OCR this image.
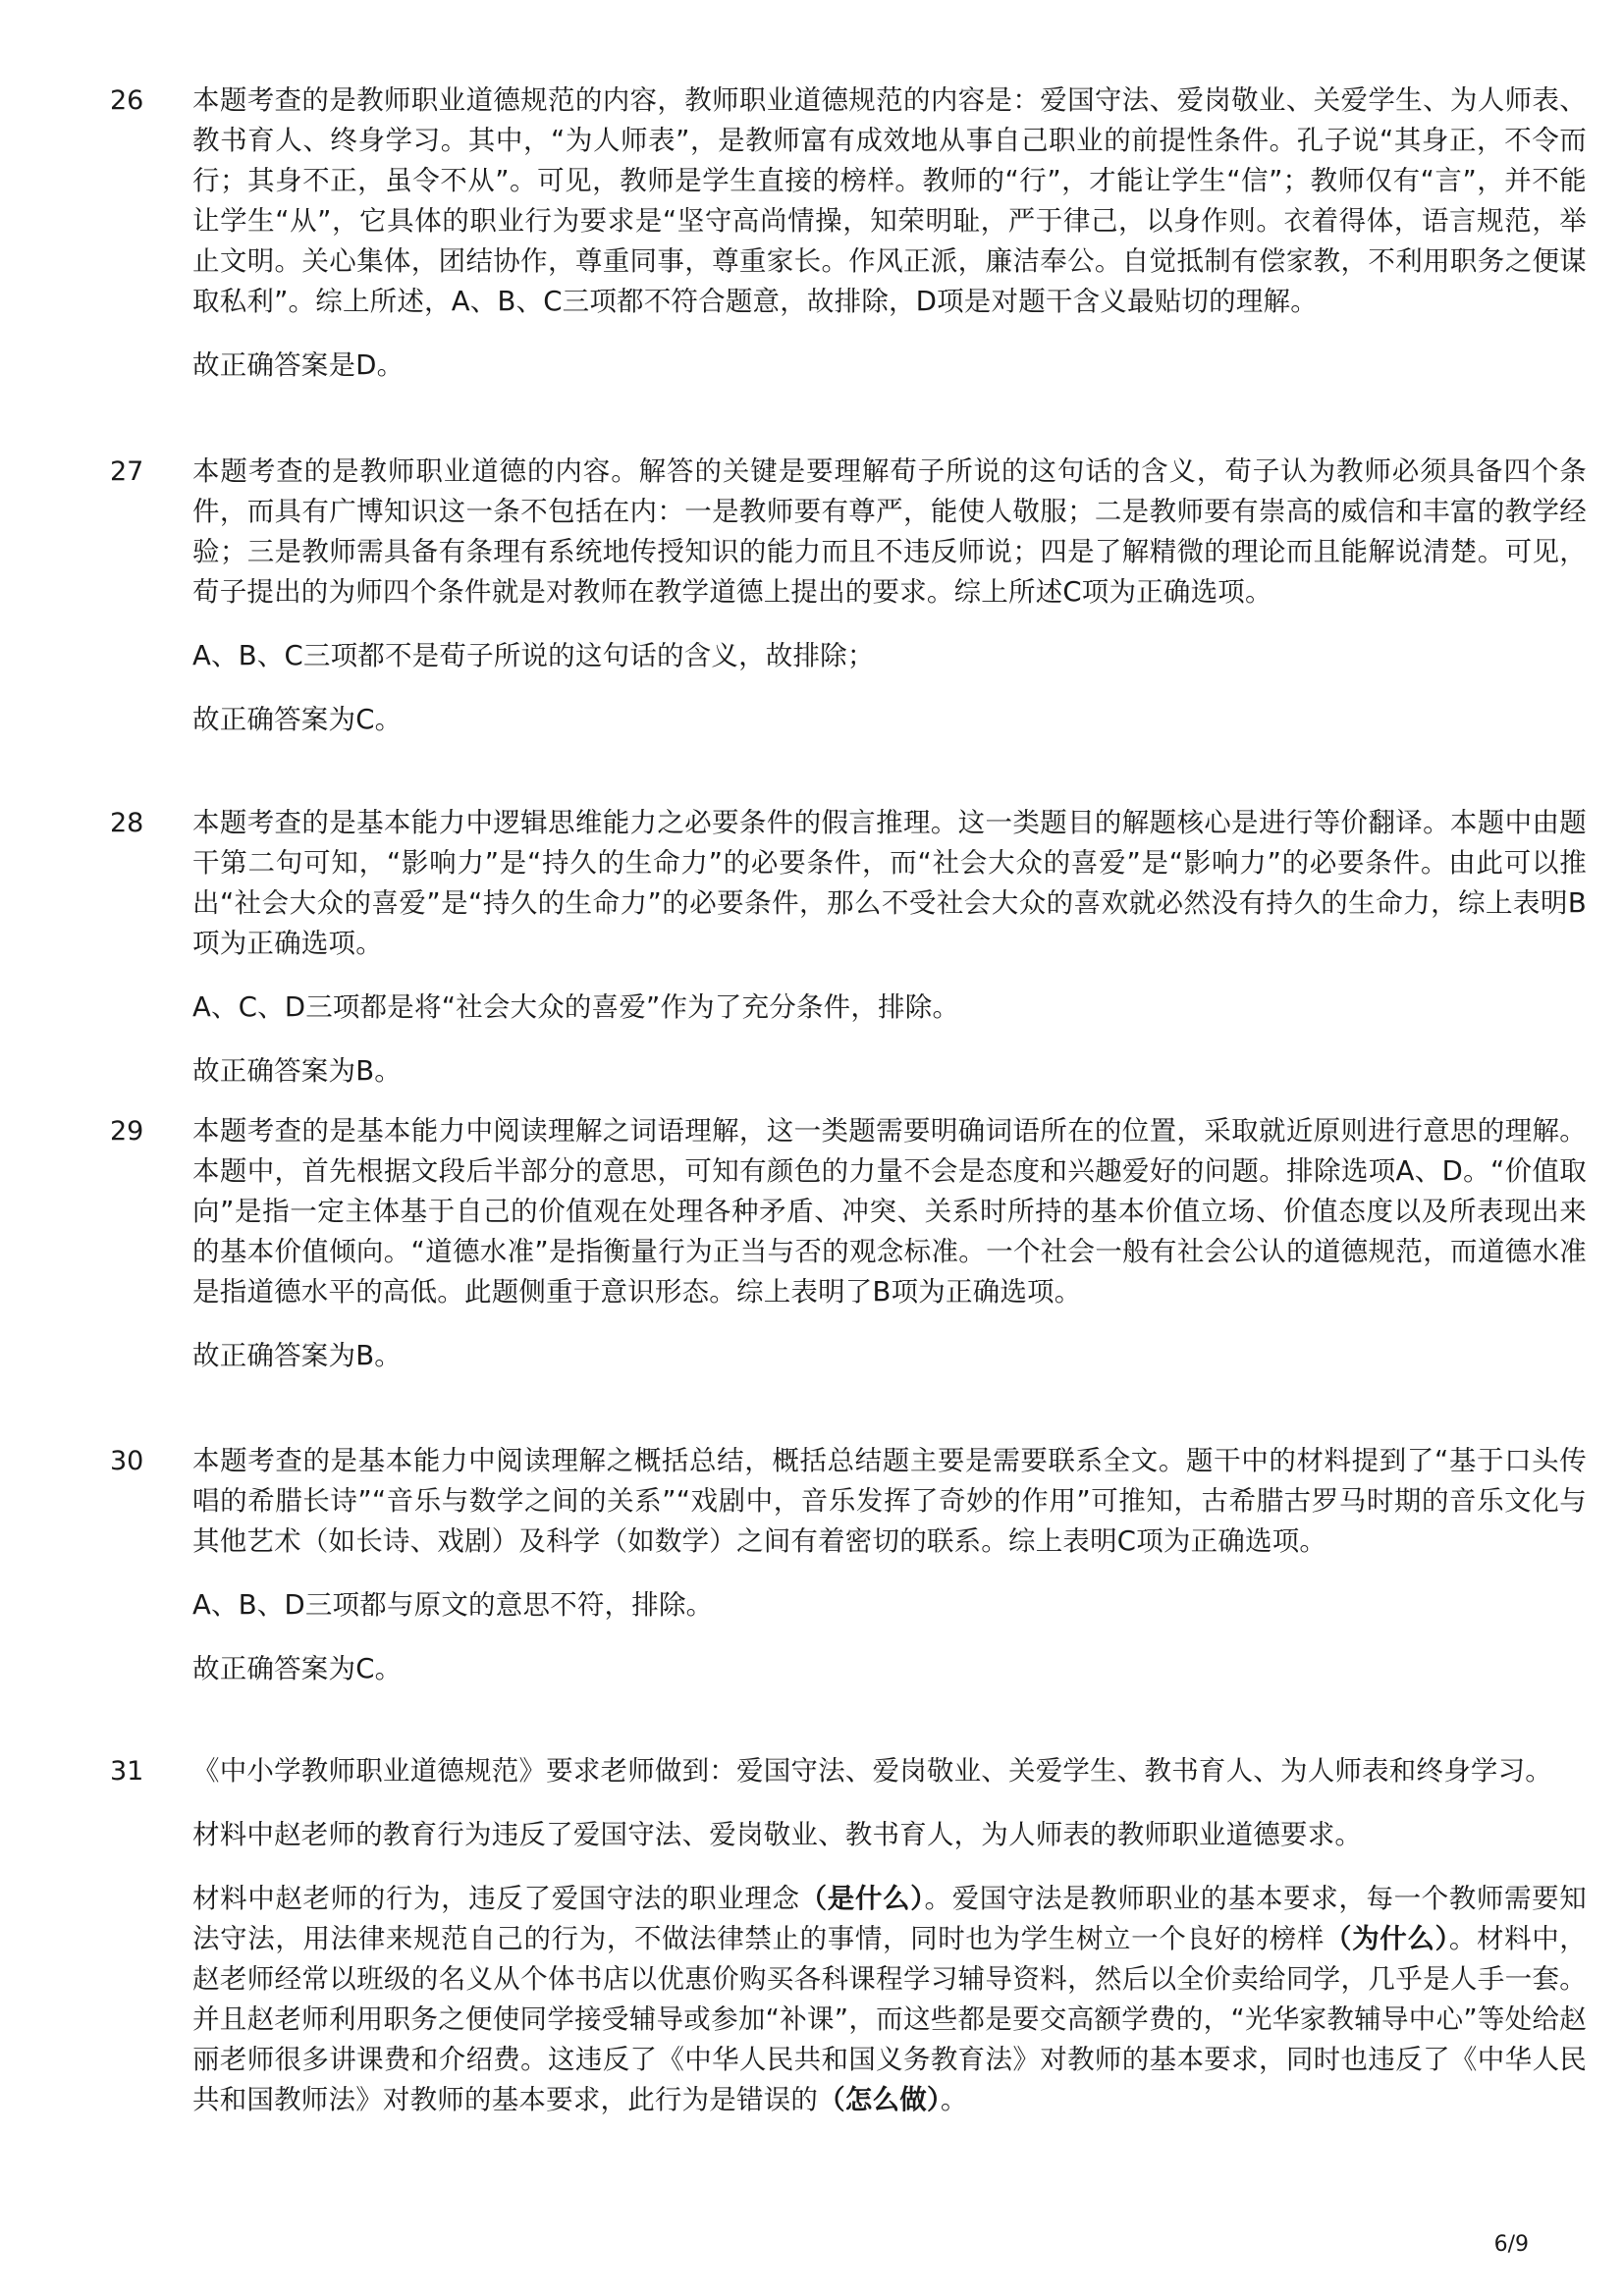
26	本题考查的是教师职业道德规范的内容，教师职业道德规范的内容是：爱国守法、爱岗敬业、关爱学生、为人师表、教书育人、终身学习。其中，“为人师表”，是教师富有成效地从事自己职业的前提性条件。孔子说“其身正，不令而行；其身不正，虽令不从”。可见，教师是学生直接的榜样。教师的“行”，才能让学生“信”；教师仅有“言”，并不能让学生“从”，它具体的职业行为要求是“坚守高尚情操，知荣明耻，严于律己，以身作则。衣着得体，语言规范，举止文明。关心集体，团结协作，尊重同事，尊重家长。作风正派，廉洁奉公。自觉抵制有偿家教，不利用职务之便谋取私利”。综上所述，A、B、C三项都不符合题意，故排除，D项是对题干含义最贴切的理解。

故正确答案是D。

27	本题考查的是教师职业道德的内容。解答的关键是要理解荀子所说的这句话的含义，荀子认为教师必须具备四个条件，而具有广博知识这一条不包括在内：一是教师要有尊严，能使人敬服；二是教师要有崇高的威信和丰富的教学经验；三是教师需具备有条理有系统地传授知识的能力而且不违反师说；四是了解精微的理论而且能解说清楚。可见，荀子提出的为师四个条件就是对教师在教学道德上提出的要求。综上所述C项为正确选项。

A、B、C三项都不是荀子所说的这句话的含义，故排除；

故正确答案为C。

28	本题考查的是基本能力中逻辑思维能力之必要条件的假言推理。这一类题目的解题核心是进行等价翻译。本题中由题干第二句可知，“影响力”是“持久的生命力”的必要条件，而“社会大众的喜爱”是“影响力”的必要条件。由此可以推出“社会大众的喜爱”是“持久的生命力”的必要条件，那么不受社会大众的喜欢就必然没有持久的生命力，综上表明B项为正确选项。

A、C、D三项都是将“社会大众的喜爱”作为了充分条件，排除。

故正确答案为B。

29	本题考查的是基本能力中阅读理解之词语理解，这一类题需要明确词语所在的位置，采取就近原则进行意思的理解。本题中，首先根据文段后半部分的意思，可知有颜色的力量不会是态度和兴趣爱好的问题。排除选项A、D。“价值取向”是指一定主体基于自己的价值观在处理各种矛盾、冲突、关系时所持的基本价值立场、价值态度以及所表现出来的基本价值倾向。“道德水准”是指衡量行为正当与否的观念标准。一个社会一般有社会公认的道德规范，而道德水准是指道德水平的高低。此题侧重于意识形态。综上表明了B项为正确选项。

故正确答案为B。

30	本题考查的是基本能力中阅读理解之概括总结，概括总结题主要是需要联系全文。题干中的材料提到了“基于口头传唱的希腊长诗”“音乐与数学之间的关系”“戏剧中，音乐发挥了奇妙的作用”可推知，古希腊古罗马时期的音乐文化与其他艺术（如长诗、戏剧）及科学（如数学）之间有着密切的联系。综上表明C项为正确选项。

A、B、D三项都与原文的意思不符，排除。

故正确答案为C。

31	《中小学教师职业道德规范》要求老师做到：爱国守法、爱岗敬业、关爱学生、教书育人、为人师表和终身学习。

材料中赵老师的教育行为违反了爱国守法、爱岗敬业、教书育人，为人师表的教师职业道德要求。

材料中赵老师的行为，违反了爱国守法的职业理念（是什么）。爱国守法是教师职业的基本要求，每一个教师需要知法守法，用法律来规范自己的行为，不做法律禁止的事情，同时也为学生树立一个良好的榜样（为什么）。材料中，赵老师经常以班级的名义从个体书店以优惠价购买各科课程学习辅导资料，然后以全价卖给同学，几乎是人手一套。并且赵老师利用职务之便使同学接受辅导或参加“补课”，而这些都是要交高额学费的，“光华家教辅导中心”等处给赵丽老师很多讲课费和介绍费。这违反了《中华人民共和国义务教育法》对教师的基本要求，同时也违反了《中华人民共和国教师法》对教师的基本要求，此行为是错误的（怎么做）。

6/9
